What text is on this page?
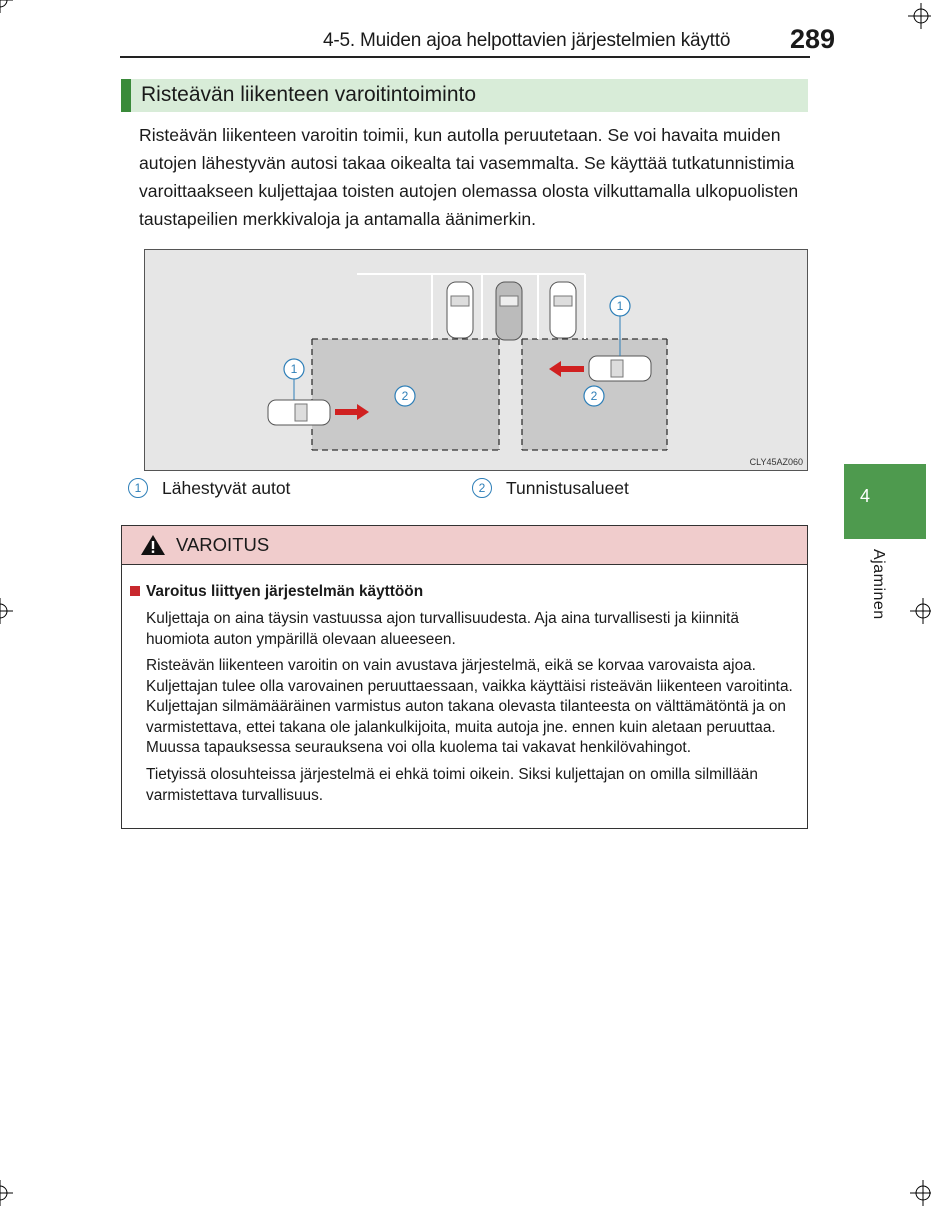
4-5. Muiden ajoa helpottavien järjestelmien käyttö 289
Risteävän liikenteen varoitintoiminto
Risteävän liikenteen varoitin toimii, kun autolla peruutetaan. Se voi havaita muiden autojen lähestyvän autosi takaa oikealta tai vasemmalta. Se käyttää tutkatunnistimia varoittaakseen kuljettajaa toisten autojen olemassa olosta vilkuttamalla ulkopuolisten taustapeilien merkkivaloja ja antamalla äänimerkin.
1
2
1
2
CLY45AZ060
1 Lähestyvät autot	2 Tunnistusalueet	4
Ajaminen
VAROITUS
Varoitus liittyen järjestelmän käyttöön

Kuljettaja on aina täysin vastuussa ajon turvallisuudesta. Aja aina turvallisesti ja kiinnitä huomiota auton ympärillä olevaan alueeseen.

Risteävän liikenteen varoitin on vain avustava järjestelmä, eikä se korvaa varovaista ajoa. Kuljettajan tulee olla varovainen peruuttaessaan, vaikka käyttäisi risteävän liikenteen varoitinta. Kuljettajan silmämääräinen varmistus auton takana olevasta tilanteesta on välttämätöntä ja on varmistettava, ettei takana ole jalankulkijoita, muita autoja jne. ennen kuin aletaan peruuttaa. Muussa tapauksessa seurauksena voi olla kuolema tai vakavat henkilövahingot.

Tietyissä olosuhteissa järjestelmä ei ehkä toimi oikein. Siksi kuljettajan on omilla silmillään varmistettava turvallisuus.
